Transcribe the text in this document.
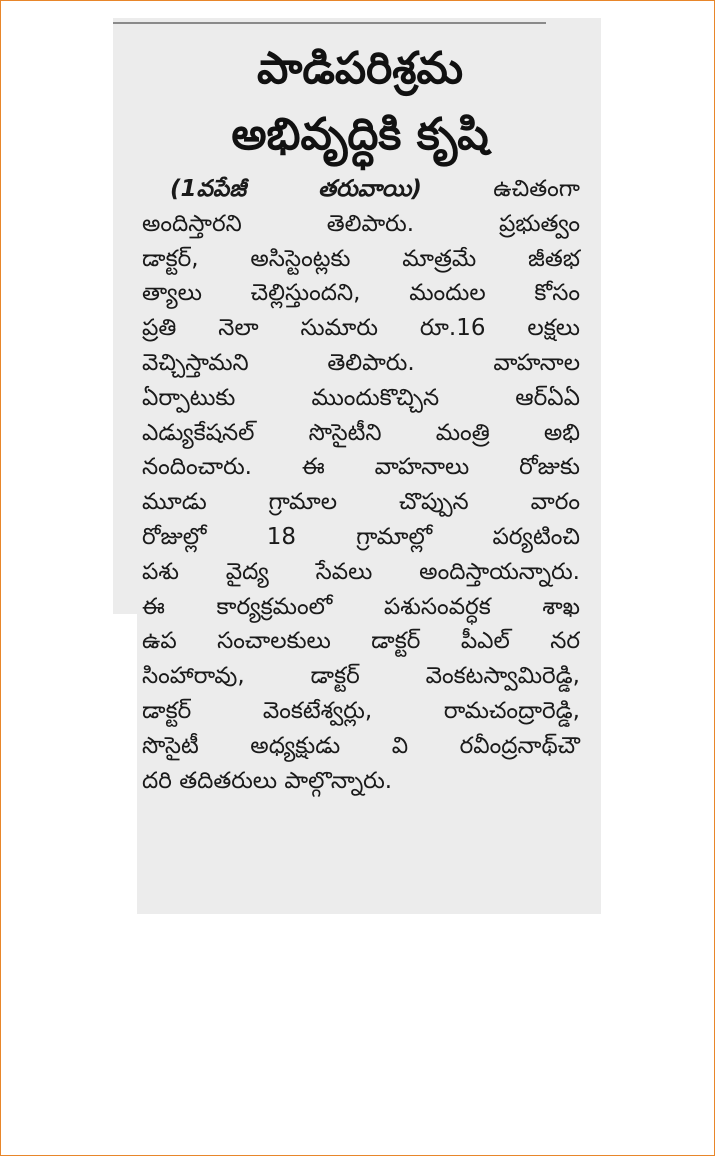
పాడిపరిశ్రమ
అభివృద్ధికి కృషి
(1వపేజీ తరువాయి)	ఉచితంగా
అందిస్తారని తెలిపారు. ప్రభుత్వం
డాక్టర్, అసిస్టెంట్లకు మాత్రమే జీతభ
త్యాలు చెల్లిస్తుందని, మందుల కోసం
ప్రతి నెలా సుమారు రూ.16 లక్షలు
వెచ్చిస్తామని తెలిపారు. వాహనాల
ఏర్పాటుకు ముందుకొచ్చిన ఆర్ఏఏ
ఎడ్యుకేషనల్ సొసైటీని మంత్రి అభి
నందించారు. ఈ వాహనాలు రోజుకు
మూడు గ్రామాల చొప్పున వారం
రోజుల్లో 18 గ్రామాల్లో పర్యటించి
పశు వైద్య సేవలు అందిస్తాయన్నారు.
ఈ కార్యక్రమంలో పశుసంవర్ధక శాఖ
ఉప సంచాలకులు డాక్టర్ పీఎల్ నర
సింహారావు, డాక్టర్ వెంకటస్వామిరెడ్డి,
డాక్టర్ వెంకటేశ్వర్లు, రామచంద్రారెడ్డి,
సొసైటీ అధ్యక్షుడు వి రవీంద్రనాథ్‌చౌ
దరి తదితరులు పాల్గొన్నారు.
